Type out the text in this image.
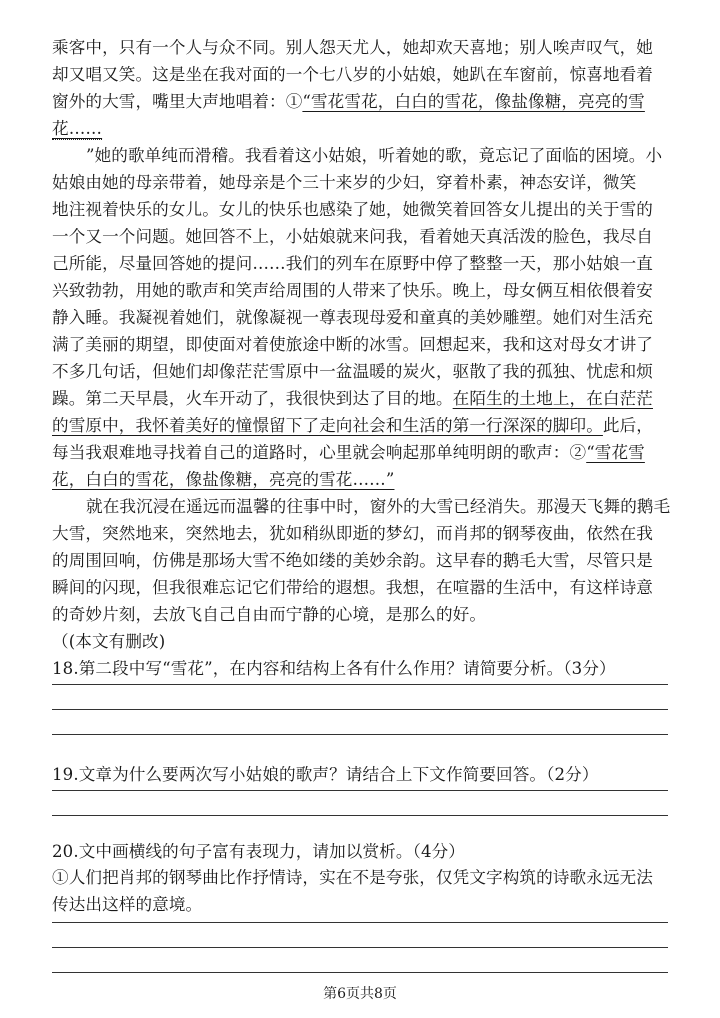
乘客中，只有一个人与众不同。别人怨天尤人，她却欢天喜地；别人唉声叹气，她
却又唱又笑。这是坐在我对面的一个七八岁的小姑娘，她趴在车窗前，惊喜地看着
窗外的大雪，嘴里大声地唱着：①“雪花雪花，白白的雪花，像盐像糖，亮亮的雪
花……
”她的歌单纯而滑稽。我看着这小姑娘，听着她的歌，竟忘记了面临的困境。小
姑娘由她的母亲带着，她母亲是个三十来岁的少妇，穿着朴素，神态安详，微笑
地注视着快乐的女儿。女儿的快乐也感染了她，她微笑着回答女儿提出的关于雪的
一个又一个问题。她回答不上，小姑娘就来问我，看着她天真活泼的脸色，我尽自
己所能，尽量回答她的提问……我们的列车在原野中停了整整一天，那小姑娘一直
兴致勃勃，用她的歌声和笑声给周围的人带来了快乐。晚上，母女俩互相依偎着安
静入睡。我凝视着她们，就像凝视一尊表现母爱和童真的美妙雕塑。她们对生活充
满了美丽的期望，即使面对着使旅途中断的冰雪。回想起来，我和这对母女才讲了
不多几句话，但她们却像茫茫雪原中一盆温暖的炭火，驱散了我的孤独、忧虑和烦
躁。第二天早晨，火车开动了，我很快到达了目的地。在陌生的土地上，在白茫茫
的雪原中，我怀着美好的憧憬留下了走向社会和生活的第一行深深的脚印。此后，
每当我艰难地寻找着自己的道路时，心里就会响起那单纯明朗的歌声：②“雪花雪
花，白白的雪花，像盐像糖，亮亮的雪花……”
就在我沉浸在遥远而温馨的往事中时，窗外的大雪已经消失。那漫天飞舞的鹅毛
大雪，突然地来，突然地去，犹如稍纵即逝的梦幻，而肖邦的钢琴夜曲，依然在我
的周围回响，仿佛是那场大雪不绝如缕的美妙余韵。这早春的鹅毛大雪，尽管只是
瞬间的闪现，但我很难忘记它们带给的遐想。我想，在喧嚣的生活中，有这样诗意
的奇妙片刻，去放飞自己自由而宁静的心境，是那么的好。
（(本文有删改)
18.第二段中写“雪花”，在内容和结构上各有什么作用？请简要分析。（3分）
19.文章为什么要两次写小姑娘的歌声？请结合上下文作简要回答。（2分）
20.文中画横线的句子富有表现力，请加以赏析。（4分）
①人们把肖邦的钢琴曲比作抒情诗，实在不是夸张，仅凭文字构筑的诗歌永远无法
传达出这样的意境。
第6页共8页
